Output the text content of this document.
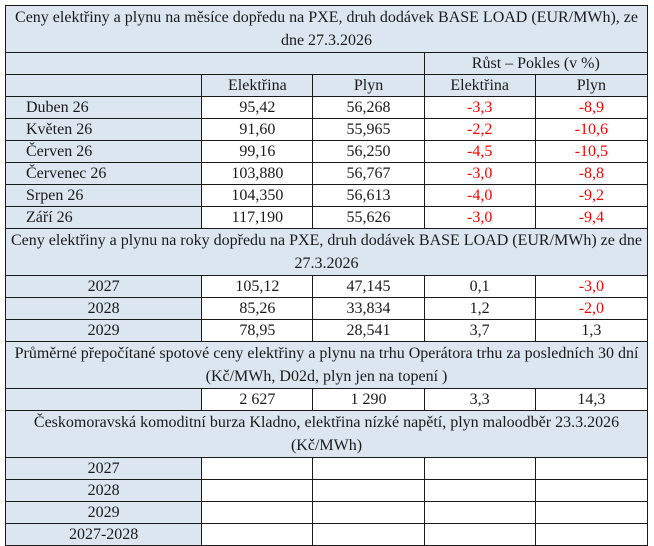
Ceny elektřiny a plynu na měsíce dopředu na PXE, druh dodávek BASE LOAD (EUR/MWh), ze dne 27.3.2026				
			Růst – Pokles (v %)	
	Elektřina	Plyn	Elektřina	Plyn
Duben 26	95,42	56,268	-3,3	-8,9
Květen 26	91,60	55,965	-2,2	-10,6
Červen 26	99,16	56,250	-4,5	-10,5
Červenec 26	103,880	56,767	-3,0	-8,8
Srpen 26	104,350	56,613	-4,0	-9,2
Září 26	117,190	55,626	-3,0	-9,4
Ceny elektřiny a plynu na roky dopředu na PXE, druh dodávek BASE LOAD (EUR/MWh) ze dne 27.3.2026				
2027	105,12	47,145	0,1	-3,0
2028	85,26	33,834	1,2	-2,0
2029	78,95	28,541	3,7	1,3
Průměrné přepočítané spotové ceny elektřiny a plynu na trhu Operátora trhu za posledních 30 dní (Kč/MWh, D02d, plyn jen na topení )				
	2 627	1 290	3,3	14,3
Českomoravská komoditní burza Kladno, elektřina nízké napětí, plyn maloodběr 23.3.2026 (Kč/MWh)				
2027				
2028				
2029				
2027-2028				
